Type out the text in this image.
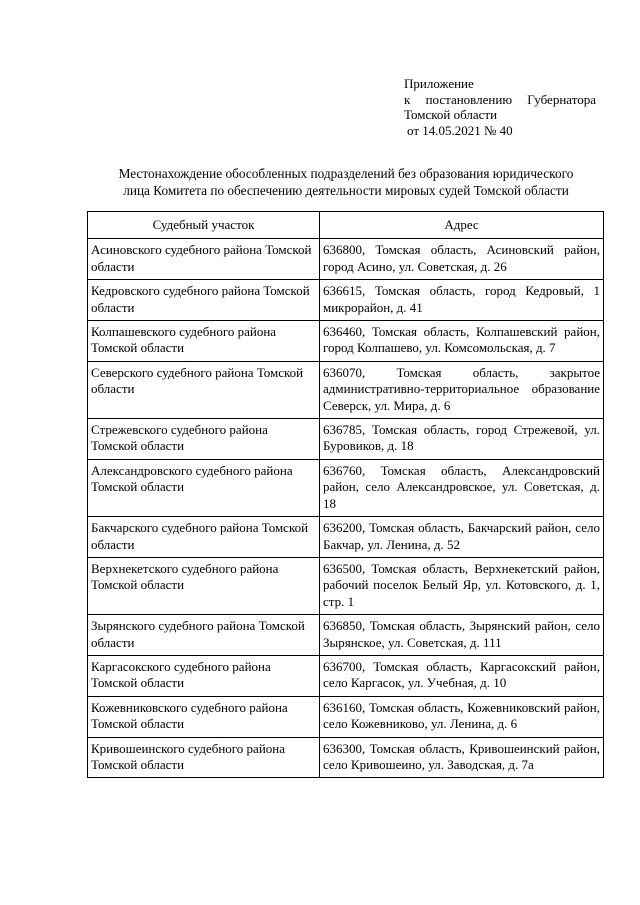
Приложение
к постановлению Губернатора
Томской области
от 14.05.2021 № 40
Местонахождение обособленных подразделений без образования юридического
лица Комитета по обеспечению деятельности мировых судей Томской области
Судебный участок	Адрес
Асиновского судебного района Томской области	636800, Томская область, Асиновский район, город Асино, ул. Советская, д. 26
Кедровского судебного района Томской области	636615, Томская область, город Кедровый, 1 микрорайон, д. 41
Колпашевского судебного района Томской области	636460, Томская область, Колпашевский район, город Колпашево, ул. Комсомольская, д. 7
Северского судебного района Томской области	636070, Томская область, закрытое административно-территориальное образование Северск, ул. Мира, д. 6
Стрежевского судебного района Томской области	636785, Томская область, город Стрежевой, ул. Буровиков, д. 18
Александровского судебного района Томской области	636760, Томская область, Александровский район, село Александровское, ул. Советская, д. 18
Бакчарского судебного района Томской области	636200, Томская область, Бакчарский район, село Бакчар, ул. Ленина, д. 52
Верхнекетского судебного района Томской области	636500, Томская область, Верхнекетский район, рабочий поселок Белый Яр, ул. Котовского, д. 1, стр. 1
Зырянского судебного района Томской области	636850, Томская область, Зырянский район, село Зырянское, ул. Советская, д. 111
Каргасокского судебного района Томской области	636700, Томская область, Каргасокский район, село Каргасок, ул. Учебная, д. 10
Кожевниковского судебного района Томской области	636160, Томская область, Кожевниковский район, село Кожевниково, ул. Ленина, д. 6
Кривошеинского судебного района Томской области	636300, Томская область, Кривошеинский район, село Кривошеино, ул. Заводская, д. 7а
